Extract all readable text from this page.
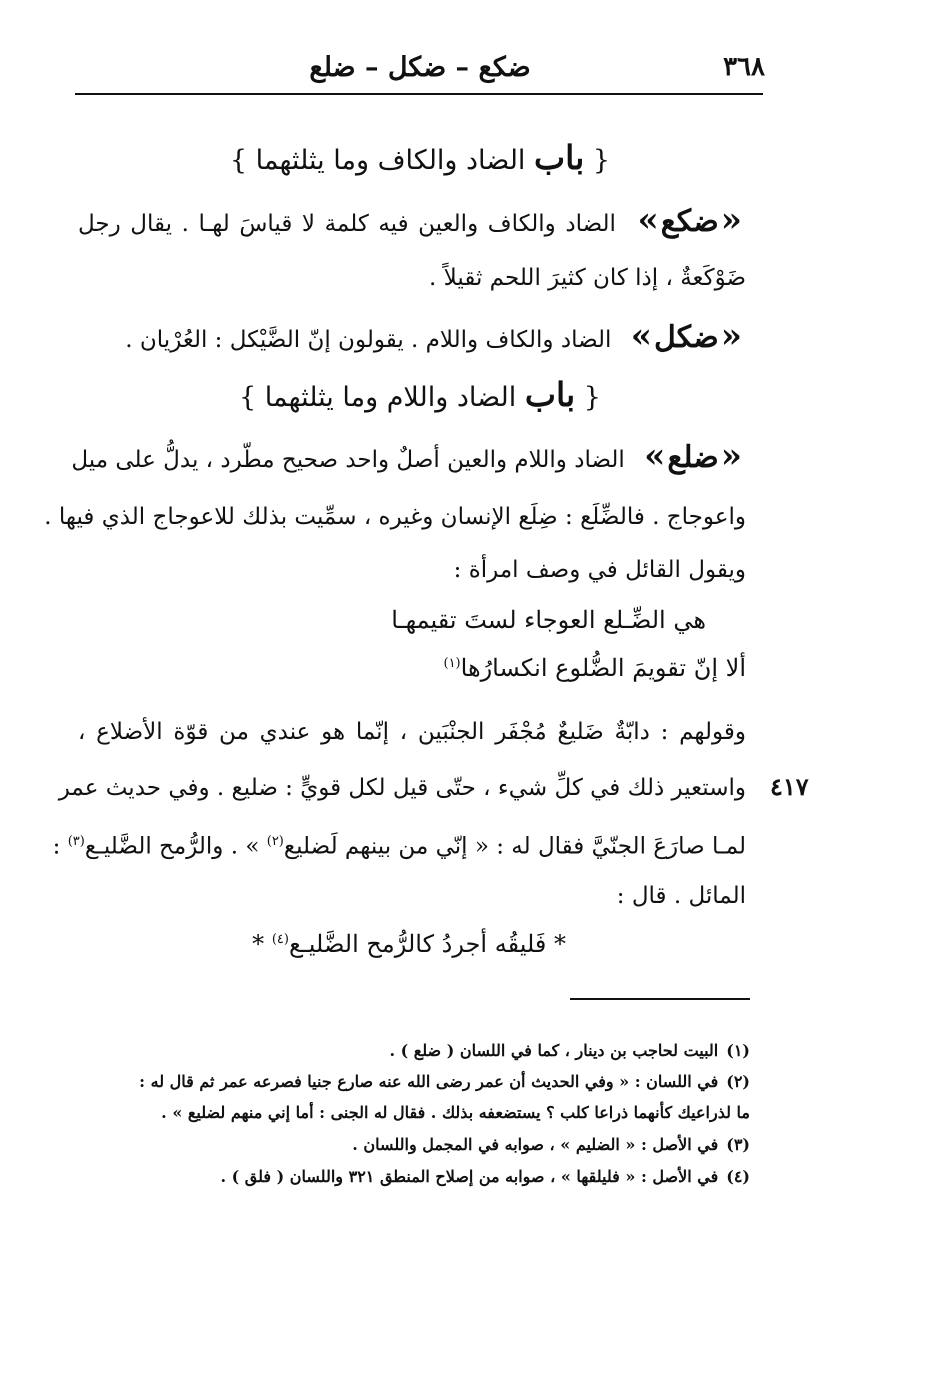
٣٦٨
ضكع – ضكل – ضلع
{ باب الضاد والكاف وما يثلثهما }
« ضكع » الضاد والكاف والعين فيه كلمة لا قياسَ لهـا . يقال رجل
ضَوْكَعةٌ ، إذا كان كثيرَ اللحم ثقيلاً .
« ضكل » الضاد والكاف واللام . يقولون إنّ الضَّيْكل : العُرْيان .
{ باب الضاد واللام وما يثلثهما }
« ضلع » الضاد واللام والعين أصلٌ واحد صحيح مطّرد ، يدلُّ على ميل
واعوجاج . فالضِّلَع : ضِلَع الإنسان وغيره ، سمِّيت بذلك للاعوجاج الذي فيها .
ويقول القائل في وصف امرأة :
هي الضِّـلع العوجاء لستَ تقيمهـا
ألا إنّ تقويمَ الضُّلوع انكسارُها$^{(١)}$
وقولهم : دابّةٌ ضَليعٌ مُجْفَر الجنْبَين ، إنّما هو عندي من قوّة الأضلاع ،
٤١٧
واستعير ذلك في كلِّ شيء ، حتّى قيل لكل قويٍّ : ضليع . وفي حديث عمر
لمـا صارَعَ الجنّيَّ فقال له : « إنّي من بينهم لَضليع$^{(٢)}$ » . والرُّمح الضَّليـع$^{(٣)}$ :
المائل . قال :
* فَليقُه أجردُ كالرُّمح الضَّليـع$^{(٤)}$ *
(١)البيت لحاجب بن دينار ، كما في اللسان ( ضلع ) .
(٢)في اللسان : « وفي الحديث أن عمر رضى الله عنه صارع جنيا فصرعه عمر ثم قال له :
ما لذراعيك كأنهما ذراعا كلب ؟ يستضعفه بذلك . فقال له الجنى : أما إني منهم لضليع » .
(٣)في الأصل : « الضليم » ، صوابه في المجمل واللسان .
(٤)في الأصل : « فليلقها » ، صوابه من إصلاح المنطق ٣٢١ واللسان ( فلق ) .
